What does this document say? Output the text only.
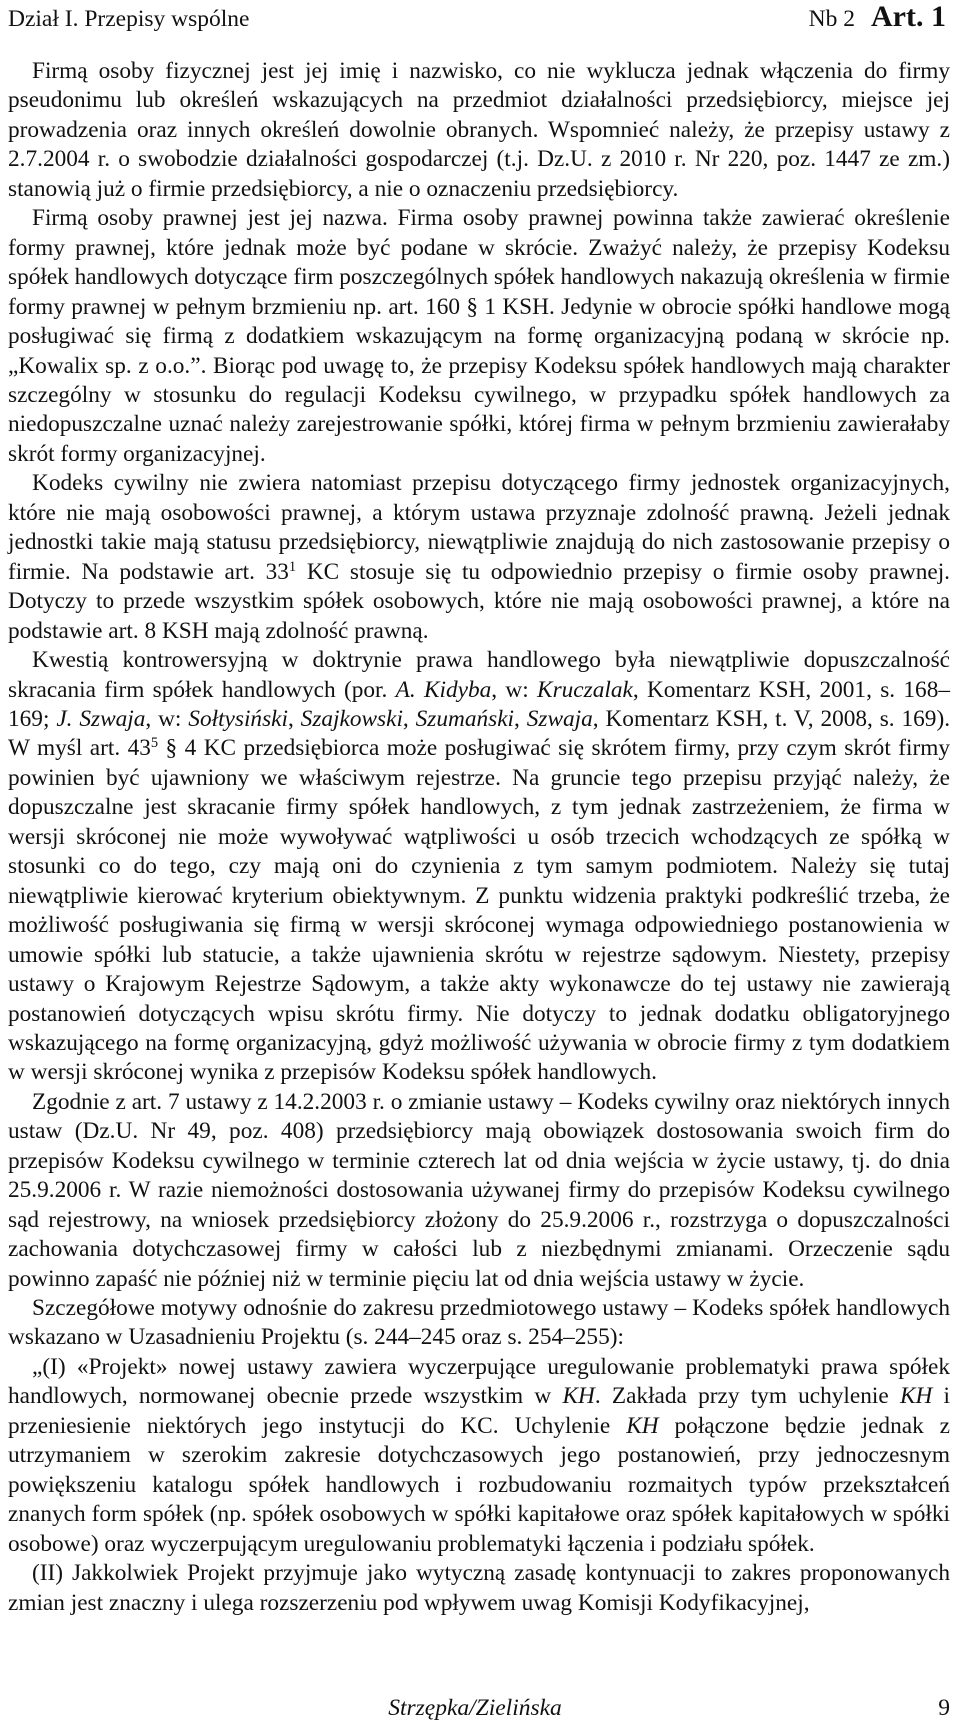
Dział I. Przepisy wspólne	Nb 2 Art. 1

Firmą osoby fizycznej jest jej imię i nazwisko, co nie wyklucza jednak włączenia do firmy pseudonimu lub określeń wskazujących na przedmiot działalności przedsiębiorcy, miejsce jej prowadzenia oraz innych określeń dowolnie obranych. Wspomnieć należy, że przepisy ustawy z 2.7.2004 r. o swobodzie działalności gospodarczej (t.j. Dz.U. z 2010 r. Nr 220, poz. 1447 ze zm.) stanowią już o firmie przedsiębiorcy, a nie o oznaczeniu przedsiębiorcy.

Firmą osoby prawnej jest jej nazwa. Firma osoby prawnej powinna także zawierać określenie formy prawnej, które jednak może być podane w skrócie. Zważyć należy, że przepisy Kodeksu spółek handlowych dotyczące firm poszczególnych spółek handlowych nakazują określenia w firmie formy prawnej w pełnym brzmieniu np. art. 160 § 1 KSH. Jedynie w obrocie spółki handlowe mogą posługiwać się firmą z dodatkiem wskazującym na formę organizacyjną podaną w skrócie np. „Kowalix sp. z o.o.”. Biorąc pod uwagę to, że przepisy Kodeksu spółek handlowych mają charakter szczególny w stosunku do regulacji Kodeksu cywilnego, w przypadku spółek handlowych za niedopuszczalne uznać należy zarejestrowanie spółki, której firma w pełnym brzmieniu zawierałaby skrót formy organizacyjnej.

Kodeks cywilny nie zwiera natomiast przepisu dotyczącego firmy jednostek organizacyjnych, które nie mają osobowości prawnej, a którym ustawa przyznaje zdolność prawną. Jeżeli jednak jednostki takie mają statusu przedsiębiorcy, niewątpliwie znajdują do nich zastosowanie przepisy o firmie. Na podstawie art. $33^1$ KC stosuje się tu odpowiednio przepisy o firmie osoby prawnej. Dotyczy to przede wszystkim spółek osobowych, które nie mają osobowości prawnej, a które na podstawie art. 8 KSH mają zdolność prawną.

Kwestią kontrowersyjną w doktrynie prawa handlowego była niewątpliwie dopuszczalność skracania firm spółek handlowych (por. A. Kidyba, w: Kruczalak, Komentarz KSH, 2001, s. 168–169; J. Szwaja, w: Sołtysiński, Szajkowski, Szumański, Szwaja, Komentarz KSH, t. V, 2008, s. 169). W myśl art. $43^5$ § 4 KC przedsiębiorca może posługiwać się skrótem firmy, przy czym skrót firmy powinien być ujawniony we właściwym rejestrze. Na gruncie tego przepisu przyjąć należy, że dopuszczalne jest skracanie firmy spółek handlowych, z tym jednak zastrzeżeniem, że firma w wersji skróconej nie może wywoływać wątpliwości u osób trzecich wchodzących ze spółką w stosunki co do tego, czy mają oni do czynienia z tym samym podmiotem. Należy się tutaj niewątpliwie kierować kryterium obiektywnym. Z punktu widzenia praktyki podkreślić trzeba, że możliwość posługiwania się firmą w wersji skróconej wymaga odpowiedniego postanowienia w umowie spółki lub statucie, a także ujawnienia skrótu w rejestrze sądowym. Niestety, przepisy ustawy o Krajowym Rejestrze Sądowym, a także akty wykonawcze do tej ustawy nie zawierają postanowień dotyczących wpisu skrótu firmy. Nie dotyczy to jednak dodatku obligatoryjnego wskazującego na formę organizacyjną, gdyż możliwość używania w obrocie firmy z tym dodatkiem w wersji skróconej wynika z przepisów Kodeksu spółek handlowych.

Zgodnie z art. 7 ustawy z 14.2.2003 r. o zmianie ustawy – Kodeks cywilny oraz niektórych innych ustaw (Dz.U. Nr 49, poz. 408) przedsiębiorcy mają obowiązek dostosowania swoich firm do przepisów Kodeksu cywilnego w terminie czterech lat od dnia wejścia w życie ustawy, tj. do dnia 25.9.2006 r. W razie niemożności dostosowania używanej firmy do przepisów Kodeksu cywilnego sąd rejestrowy, na wniosek przedsiębiorcy złożony do 25.9.2006 r., rozstrzyga o dopuszczalności zachowania dotychczasowej firmy w całości lub z niezbędnymi zmianami. Orzeczenie sądu powinno zapaść nie później niż w terminie pięciu lat od dnia wejścia ustawy w życie.

Szczegółowe motywy odnośnie do zakresu przedmiotowego ustawy – Kodeks spółek handlowych wskazano w Uzasadnieniu Projektu (s. 244–245 oraz s. 254–255):

„(I) «Projekt» nowej ustawy zawiera wyczerpujące uregulowanie problematyki prawa spółek handlowych, normowanej obecnie przede wszystkim w KH. Zakłada przy tym uchylenie KH i przeniesienie niektórych jego instytucji do KC. Uchylenie KH połączone będzie jednak z utrzymaniem w szerokim zakresie dotychczasowych jego postanowień, przy jednoczesnym powiększeniu katalogu spółek handlowych i rozbudowaniu rozmaitych typów przekształceń znanych form spółek (np. spółek osobowych w spółki kapitałowe oraz spółek kapitałowych w spółki osobowe) oraz wyczerpującym uregulowaniu problematyki łączenia i podziału spółek.

(II) Jakkolwiek Projekt przyjmuje jako wytyczną zasadę kontynuacji to zakres proponowanych zmian jest znaczny i ulega rozszerzeniu pod wpływem uwag Komisji Kodyfikacyjnej,

Strzępka/Zielińska	9
